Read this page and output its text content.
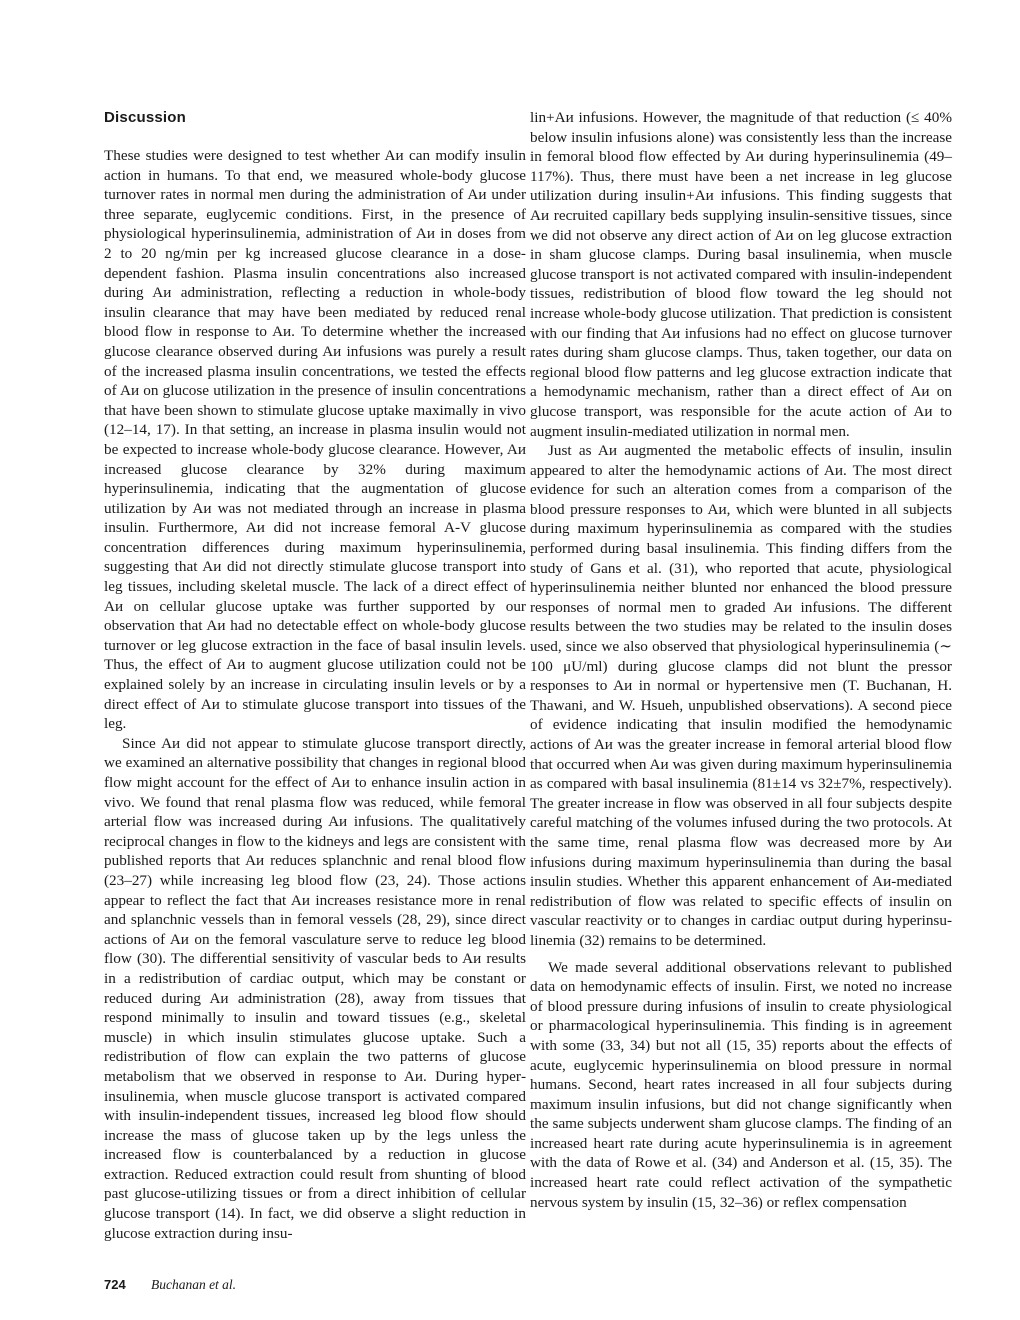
Discussion

These studies were designed to test whether Aи can modify insulin action in humans. To that end, we measured whole-body glucose turnover rates in normal men during the administration of Aи under three separate, euglycemic conditions. First, in the presence of physiological hyperinsulinemia, administration of Aи in doses from 2 to 20 ng/min per kg increased glucose clearance in a dose-dependent fashion. Plasma insulin concentrations also increased during Aи administration, reflecting a reduction in whole-body insulin clearance that may have been mediated by reduced renal blood flow in response to Aи. To determine whether the increased glucose clearance observed during Aи infusions was purely a result of the increased plasma insulin concentrations, we tested the effects of Aи on glucose utilization in the presence of insulin concentrations that have been shown to stimulate glucose uptake maximally in vivo (12–14, 17). In that setting, an increase in plasma insulin would not be expected to increase whole-body glucose clearance. However, Aи increased glucose clearance by 32% during maximum hyperinsulinemia, indicating that the augmentation of glucose utilization by Aи was not mediated through an increase in plasma insulin. Furthermore, Aи did not increase femoral A-V glucose concentration differences during maximum hyperinsulinemia, suggesting that Aи did not directly stimulate glucose transport into leg tissues, including skeletal muscle. The lack of a direct effect of Aи on cellular glucose uptake was further supported by our observation that Aи had no detectable effect on whole-body glucose turnover or leg glucose extraction in the face of basal insulin levels. Thus, the effect of Aи to augment glucose utilization could not be explained solely by an increase in circulating insulin levels or by a direct effect of Aи to stimulate glucose transport into tissues of the leg.

Since Aи did not appear to stimulate glucose transport directly, we examined an alternative possibility that changes in regional blood flow might account for the effect of Aи to enhance insulin action in vivo. We found that renal plasma flow was reduced, while femoral arterial flow was increased during Aи infusions. The qualitatively reciprocal changes in flow to the kidneys and legs are consistent with published reports that Aи reduces splanchnic and renal blood flow (23–27) while increasing leg blood flow (23, 24). Those actions appear to reflect the fact that Aи increases resistance more in renal and splanchnic vessels than in femoral vessels (28, 29), since direct actions of Aи on the femoral vasculature serve to reduce leg blood flow (30). The differential sensitivity of vascular beds to Aи results in a redistribution of cardiac output, which may be constant or reduced during Aи administration (28), away from tissues that respond minimally to insulin and toward tissues (e.g., skeletal muscle) in which insulin stimulates glucose uptake. Such a redistribution of flow can explain the two patterns of glucose metabolism that we observed in response to Aи. During hyperinsulinemia, when muscle glucose transport is activated compared with insulin-independent tissues, increased leg blood flow should increase the mass of glucose taken up by the legs unless the increased flow is counterbalanced by a reduction in glucose extraction. Reduced extraction could result from shunting of blood past glucose-utilizing tissues or from a direct inhibition of cellular glucose transport (14). In fact, we did observe a slight reduction in glucose extraction during insu-

lin+Aи infusions. However, the magnitude of that reduction (≤ 40% below insulin infusions alone) was consistently less than the increase in femoral blood flow effected by Aи during hyperinsulinemia (49–117%). Thus, there must have been a net increase in leg glucose utilization during insulin+Aи infusions. This finding suggests that Aи recruited capillary beds supplying insulin-sensitive tissues, since we did not observe any direct action of Aи on leg glucose extraction in sham glucose clamps. During basal insulinemia, when muscle glucose transport is not activated compared with insulin-independent tissues, redistribution of blood flow toward the leg should not increase whole-body glucose utilization. That prediction is consistent with our finding that Aи infusions had no effect on glucose turnover rates during sham glucose clamps. Thus, taken together, our data on regional blood flow patterns and leg glucose extraction indicate that a hemodynamic mechanism, rather than a direct effect of Aи on glucose transport, was responsible for the acute action of Aи to augment insulin-mediated utilization in normal men.

Just as Aи augmented the metabolic effects of insulin, insulin appeared to alter the hemodynamic actions of Aи. The most direct evidence for such an alteration comes from a comparison of the blood pressure responses to Aи, which were blunted in all subjects during maximum hyperinsulinemia as compared with the studies performed during basal insulinemia. This finding differs from the study of Gans et al. (31), who reported that acute, physiological hyperinsulinemia neither blunted nor enhanced the blood pressure responses of normal men to graded Aи infusions. The different results between the two studies may be related to the insulin doses used, since we also observed that physiological hyperinsulinemia (∼ 100 μU/ml) during glucose clamps did not blunt the pressor responses to Aи in normal or hypertensive men (T. Buchanan, H. Thawani, and W. Hsueh, unpublished observations). A second piece of evidence indicating that insulin modified the hemodynamic actions of Aи was the greater increase in femoral arterial blood flow that occurred when Aи was given during maximum hyperinsulinemia as compared with basal insulinemia (81±14 vs 32±7%, respectively). The greater increase in flow was observed in all four subjects despite careful matching of the volumes infused during the two protocols. At the same time, renal plasma flow was decreased more by Aи infusions during maximum hyperinsulinemia than during the basal insulin studies. Whether this apparent enhancement of Aи-mediated redistribution of flow was related to specific effects of insulin on vascular reactivity or to changes in cardiac output during hyperinsulinemia (32) remains to be determined.

We made several additional observations relevant to published data on hemodynamic effects of insulin. First, we noted no increase of blood pressure during infusions of insulin to create physiological or pharmacological hyperinsulinemia. This finding is in agreement with some (33, 34) but not all (15, 35) reports about the effects of acute, euglycemic hyperinsulinemia on blood pressure in normal humans. Second, heart rates increased in all four subjects during maximum insulin infusions, but did not change significantly when the same subjects underwent sham glucose clamps. The finding of an increased heart rate during acute hyperinsulinemia is in agreement with the data of Rowe et al. (34) and Anderson et al. (15, 35). The increased heart rate could reflect activation of the sympathetic nervous system by insulin (15, 32–36) or reflex compensation

724 Buchanan et al.
